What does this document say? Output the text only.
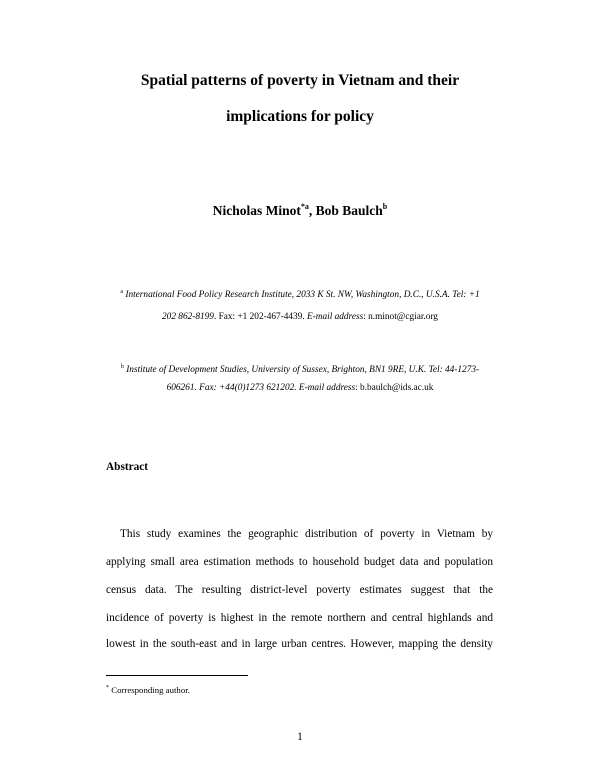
Spatial patterns of poverty in Vietnam and their
implications for policy
Nicholas Minot$^{*a}$, Bob Baulch$^b$
$^a$ International Food Policy Research Institute, 2033 K St. NW, Washington, D.C., U.S.A. Tel: +1
202 862-8199. Fax: +1 202-467-4439. E-mail address: n.minot@cgiar.org
$^b$ Institute of Development Studies, University of Sussex, Brighton, BN1 9RE, U.K. Tel: 44-1273-
606261. Fax: +44(0)1273 621202. E-mail address: b.baulch@ids.ac.uk
Abstract
This study examines the geographic distribution of poverty in Vietnam by
applying small area estimation methods to household budget data and population
census data. The resulting district-level poverty estimates suggest that the
incidence of poverty is highest in the remote northern and central highlands and
lowest in the south-east and in large urban centres. However, mapping the density
* Corresponding author.
1
